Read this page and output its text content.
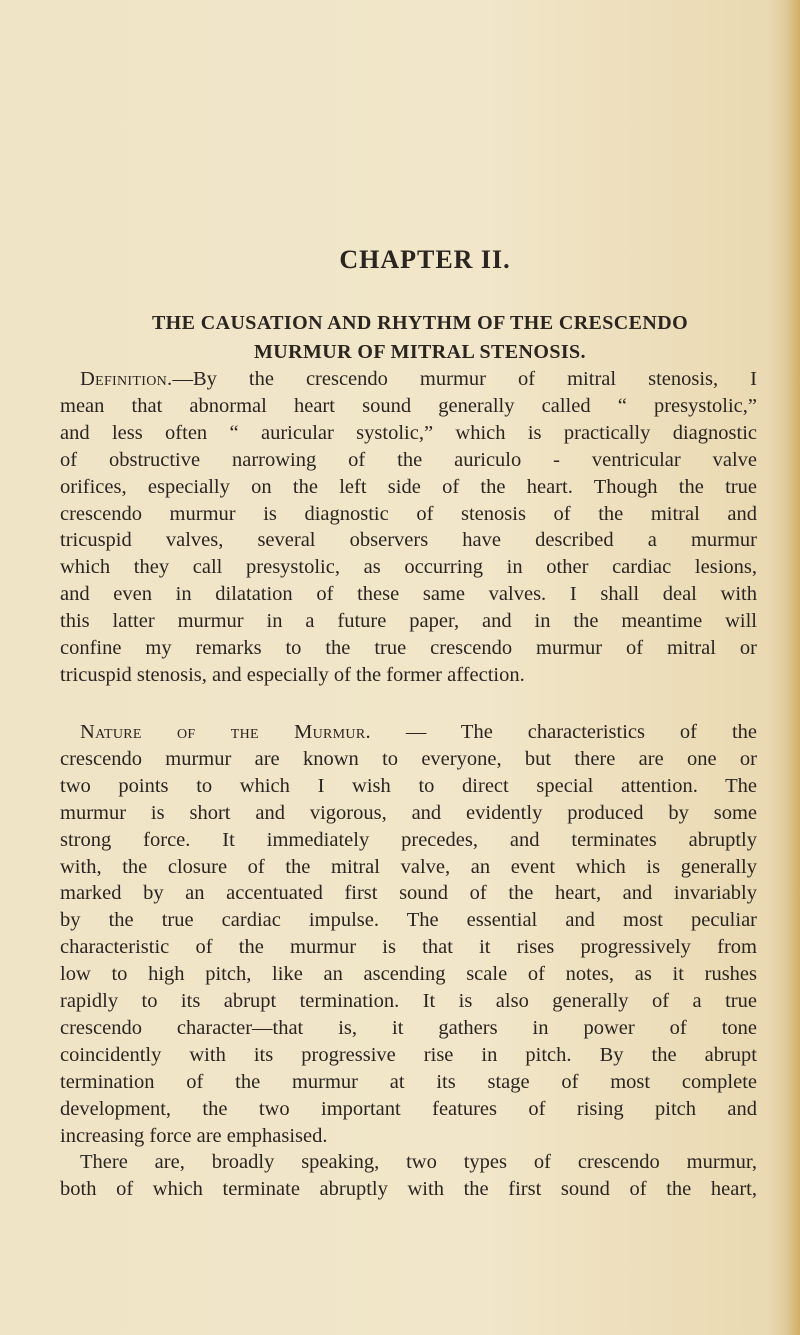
CHAPTER II.
THE CAUSATION AND RHYTHM OF THE CRESCENDO
MURMUR OF MITRAL STENOSIS.
Definition.—By the crescendo murmur of mitral stenosis, I
mean that abnormal heart sound generally called “ presystolic,”
and less often “ auricular systolic,” which is practically diagnostic
of obstructive narrowing of the auriculo - ventricular valve
orifices, especially on the left side of the heart. Though the true
crescendo murmur is diagnostic of stenosis of the mitral and
tricuspid valves, several observers have described a murmur
which they call presystolic, as occurring in other cardiac lesions,
and even in dilatation of these same valves. I shall deal with
this latter murmur in a future paper, and in the meantime will
confine my remarks to the true crescendo murmur of mitral or
tricuspid stenosis, and especially of the former affection.
Nature of the Murmur. — The characteristics of the
crescendo murmur are known to everyone, but there are one or
two points to which I wish to direct special attention. The
murmur is short and vigorous, and evidently produced by some
strong force. It immediately precedes, and terminates abruptly
with, the closure of the mitral valve, an event which is generally
marked by an accentuated first sound of the heart, and invariably
by the true cardiac impulse. The essential and most peculiar
characteristic of the murmur is that it rises progressively from
low to high pitch, like an ascending scale of notes, as it rushes
rapidly to its abrupt termination. It is also generally of a true
crescendo character—that is, it gathers in power of tone
coincidently with its progressive rise in pitch. By the abrupt
termination of the murmur at its stage of most complete
development, the two important features of rising pitch and
increasing force are emphasised.
There are, broadly speaking, two types of crescendo murmur,
both of which terminate abruptly with the first sound of the heart,
